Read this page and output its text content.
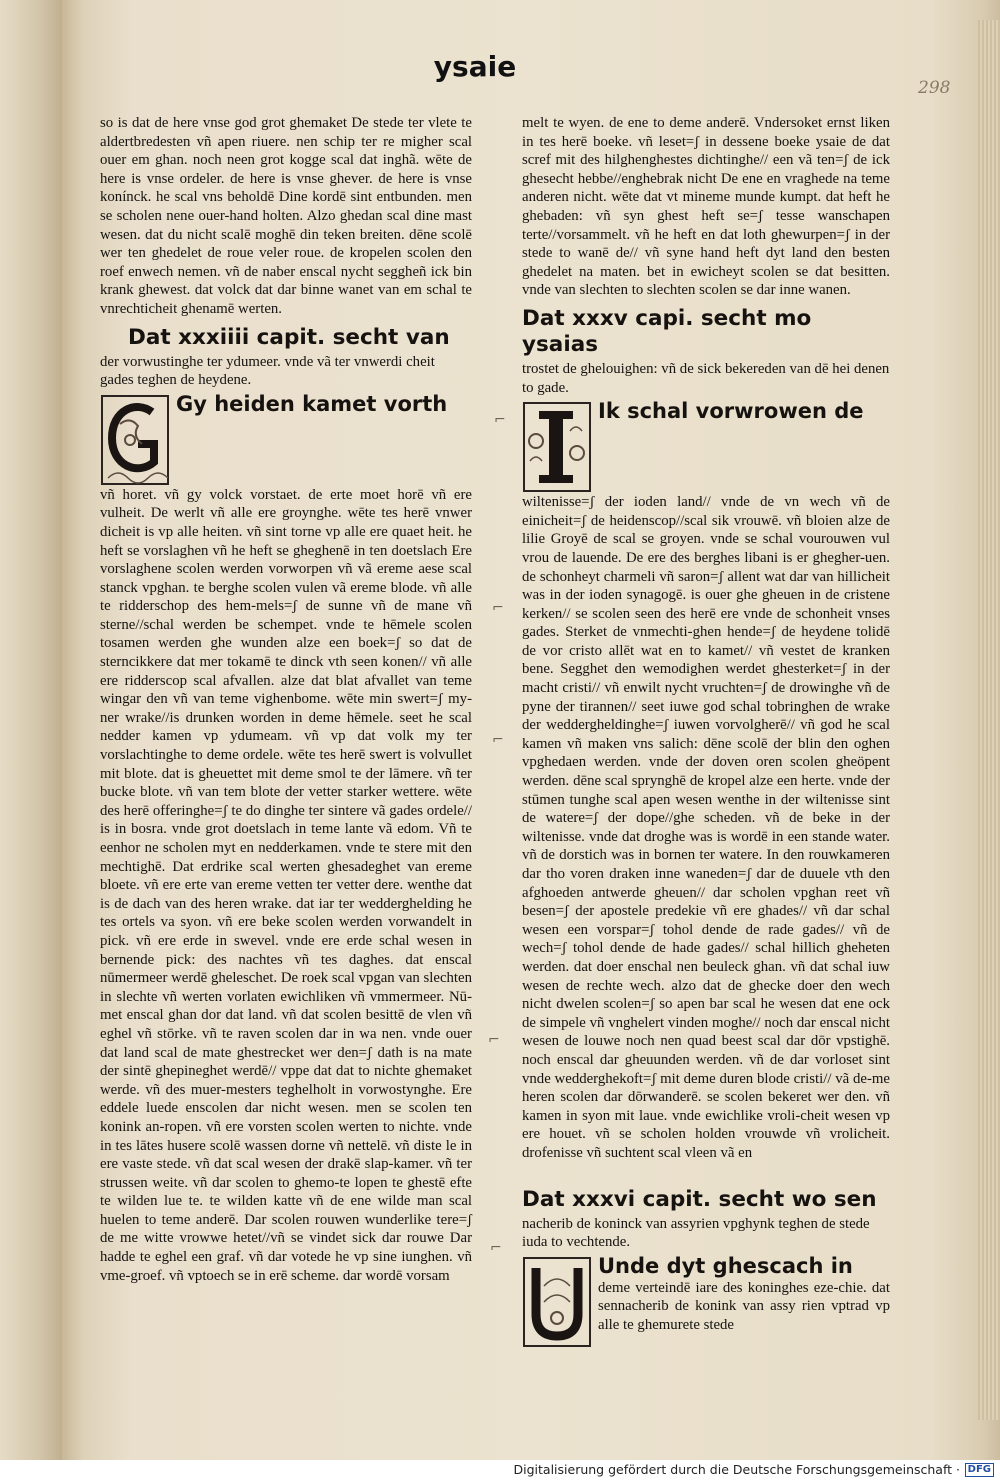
ysaie
298

so is dat de here vnse god grot ghemaket De stede ter vlete te aldertbredesten vñ apen riuere. nen schip ter re migher scal ouer em ghan. noch neen grot kogge scal dat inghã. wēte de here is vnse ordeler. de here is vnse ghever. de here is vnse konínck. he scal vns beholdē Dine kordē sint entbunden. men se scholen nene ouer-hand holten. Alzo ghedan scal dine mast wesen. dat du nicht scalē moghē din teken breiten. dēne scolē wer ten ghedelet de roue veler roue. de kropelen scolen den roef enwech nemen. vñ de naber enscal nycht seggheñ ick bin krank ghewest. dat volck dat dar binne wanet van em schal te vnrechticheit ghenamē werten.

Dat xxxiiii capit. secht van

der vorwustinghe ter ydumeer. vnde vã ter vnwerdi cheit gades teghen de heydene.

Gy heiden kamet vorth

vñ horet. vñ gy volck vorstaet. de erte moet horē vñ ere vulheit. De werlt vñ alle ere groynghe. wēte tes herē vnwer dicheit is vp alle heiten. vñ sint torne vp alle ere quaet heit. he heft se vorslaghen vñ he heft se gheghenē in ten doetslach Ere vorslaghene scolen werden vorworpen vñ vã ereme aese scal stanck vpghan. te berghe scolen vulen vã ereme blode. vñ alle te ridderschop des hem-mels=ʃ de sunne vñ de mane vñ sterne//schal werden be schempet. vnde te hēmele scolen tosamen werden ghe wunden alze een boek=ʃ so dat de sterncikkere dat mer tokamē te dinck vth seen konen// vñ alle ere ridderscop scal afvallen. alze dat blat afvallet van teme wingar den vñ van teme vighenbome. wēte min swert=ʃ my-ner wrake//is drunken worden in deme hēmele. seet he scal nedder kamen vp ydumeam. vñ vp dat volk my ter vorslachtinghe to deme ordele. wēte tes herē swert is volvullet mit blote. dat is gheuettet mit deme smol te der lāmere. vñ ter bucke blote. vñ van tem blote der vetter starker wettere. wēte des herē offeringhe=ʃ te do dinghe ter sintere vã gades ordele// is in bosra. vnde grot doetslach in teme lante vã edom. Vñ te eenhor ne scholen myt en nedderkamen. vnde te stere mit den mechtighē. Dat erdrike scal werten ghesadeghet van ereme bloete. vñ ere erte van ereme vetten ter vetter dere. wenthe dat is de dach van des heren wrake. dat iar ter wedderghelding he tes ortels va syon. vñ ere beke scolen werden vorwandelt in pick. vñ ere erde in swevel. vnde ere erde schal wesen in bernende pick: des nachtes vñ tes daghes. dat enscal nūmermeer werdē gheleschet. De roek scal vpgan van slechten in slechte vñ werten vorlaten ewichliken vñ vmmermeer. Nū-met enscal ghan dor dat land. vñ dat scolen besittē de vlen vñ eghel vñ stōrke. vñ te raven scolen dar in wa nen. vnde ouer dat land scal de mate ghestrecket wer den=ʃ dath is na mate der sintē ghepineghet werdē// vppe dat dat to nichte ghemaket werde. vñ des muer-mesters teghelholt in vorwostynghe. Ere eddele luede enscolen dar nicht wesen. men se scolen ten konink an-ropen. vñ ere vorsten scolen werten to nichte. vnde in tes lātes husere scolē wassen dorne vñ nettelē. vñ diste le in ere vaste stede. vñ dat scal wesen der drakē slap-kamer. vñ ter strussen weite. vñ dar scolen to ghemo-te lopen te ghestē efte te wilden lue te. te wilden katte vñ de ene wilde man scal huelen to teme anderē. Dar scolen rouwen wunderlike tere=ʃ de me witte vrowwe hetet//vñ se vindet sick dar rouwe Dar hadde te eghel een graf. vñ dar votede he vp sine iunghen. vñ vme-groef. vñ vptoech se in erē scheme. dar wordē vorsam

melt te wyen. de ene to deme anderē. Vndersoket ernst liken in tes herē boeke. vñ leset=ʃ in dessene boeke ysaie de dat scref mit des hilghenghestes dichtinghe// een vã ten=ʃ de ick ghesecht hebbe//enghebrak nicht De ene en vraghede na teme anderen nicht. wēte dat vt mineme munde kumpt. dat heft he ghebaden: vñ syn ghest heft se=ʃ tesse wanschapen terte//vorsammelt. vñ he heft en dat loth ghewurpen=ʃ in der stede to wanē de// vñ syne hand heft dyt land den besten ghedelet na maten. bet in ewicheyt scolen se dat besitten. vnde van slechten to slechten scolen se dar inne wanen.

Dat xxxv capi. secht mo ysaias

trostet de ghelouighen: vñ de sick bekereden van dē hei denen to gade.

Ik schal vorwrowen de

wiltenisse=ʃ der ioden land// vnde de vn wech vñ de einicheit=ʃ de heidenscop//scal sik vrouwē. vñ bloien alze de lilie Groyē de scal se groyen. vnde se schal vourouwen vul vrou de lauende. De ere des berghes libani is er ghegher-uen. de schonheyt charmeli vñ saron=ʃ allent wat dar van hillicheit was in der ioden synagogē. is ouer ghe gheuen in de cristene kerken// se scolen seen des herē ere vnde de schonheit vnses gades. Sterket de vnmechti-ghen hende=ʃ de heydene tolidē de vor cristo allēt wat en to kamet// vñ vestet de kranken bene. Segghet den wemodighen werdet ghesterket=ʃ in der macht cristi// vñ enwilt nycht vruchten=ʃ de drowinghe vñ de pyne der tirannen// seet iuwe god schal tobringhen de wrake der weddergheldinghe=ʃ iuwen vorvolgherē// vñ god he scal kamen vñ maken vns salich: dēne scolē der blin den oghen vpghedaen werden. vnde der doven oren scolen gheöpent werden. dēne scal sprynghē de kropel alze een herte. vnde der stūmen tunghe scal apen wesen wenthe in der wiltenisse sint de watere=ʃ der dope//ghe scheden. vñ de beke in der wiltenisse. vnde dat droghe was is wordē in een stande water. vñ de dorstich was in bornen ter watere. In den rouwkameren dar tho voren draken inne waneden=ʃ dar de duuele vth den afghoeden antwerde gheuen// dar scholen vpghan reet vñ besen=ʃ der apostele predekie vñ ere ghades// vñ dar schal wesen een vorspar=ʃ tohol dende de rade gades// vñ de wech=ʃ tohol dende de hade gades// schal hillich gheheten werden. dat doer enschal nen beuleck ghan. vñ dat schal iuw wesen de rechte wech. alzo dat de ghecke doer den wech nicht dwelen scolen=ʃ so apen bar scal he wesen dat ene ock de simpele vñ vnghelert vinden moghe// noch dar enscal nicht wesen de louwe noch nen quad beest scal dar dōr vpstighē. noch enscal dar gheuunden werden. vñ de dar vorloset sint vnde wedderghekoft=ʃ mit deme duren blode cristi// vã de-me heren scolen dar dōrwanderē. se scolen bekeret wer den. vñ kamen in syon mit laue. vnde ewichlike vroli-cheit wesen vp ere houet. vñ se scholen holden vrouwde vñ vrolicheit. drofenisse vñ suchtent scal vleen vã en

Dat xxxvi capit. secht wo sen

nacherib de koninck van assyrien vpghynk teghen de stede iuda to vechtende.

Unde dyt ghescach in
deme verteindē iare des koninghes eze-chie. dat sennacherib de konink van assy rien vptrad vp alle te ghemurete stede
⌐
⌐
⌐
⌐
⌐
Digitalisierung gefördert durch die Deutsche Forschungsgemeinschaft · DFG
